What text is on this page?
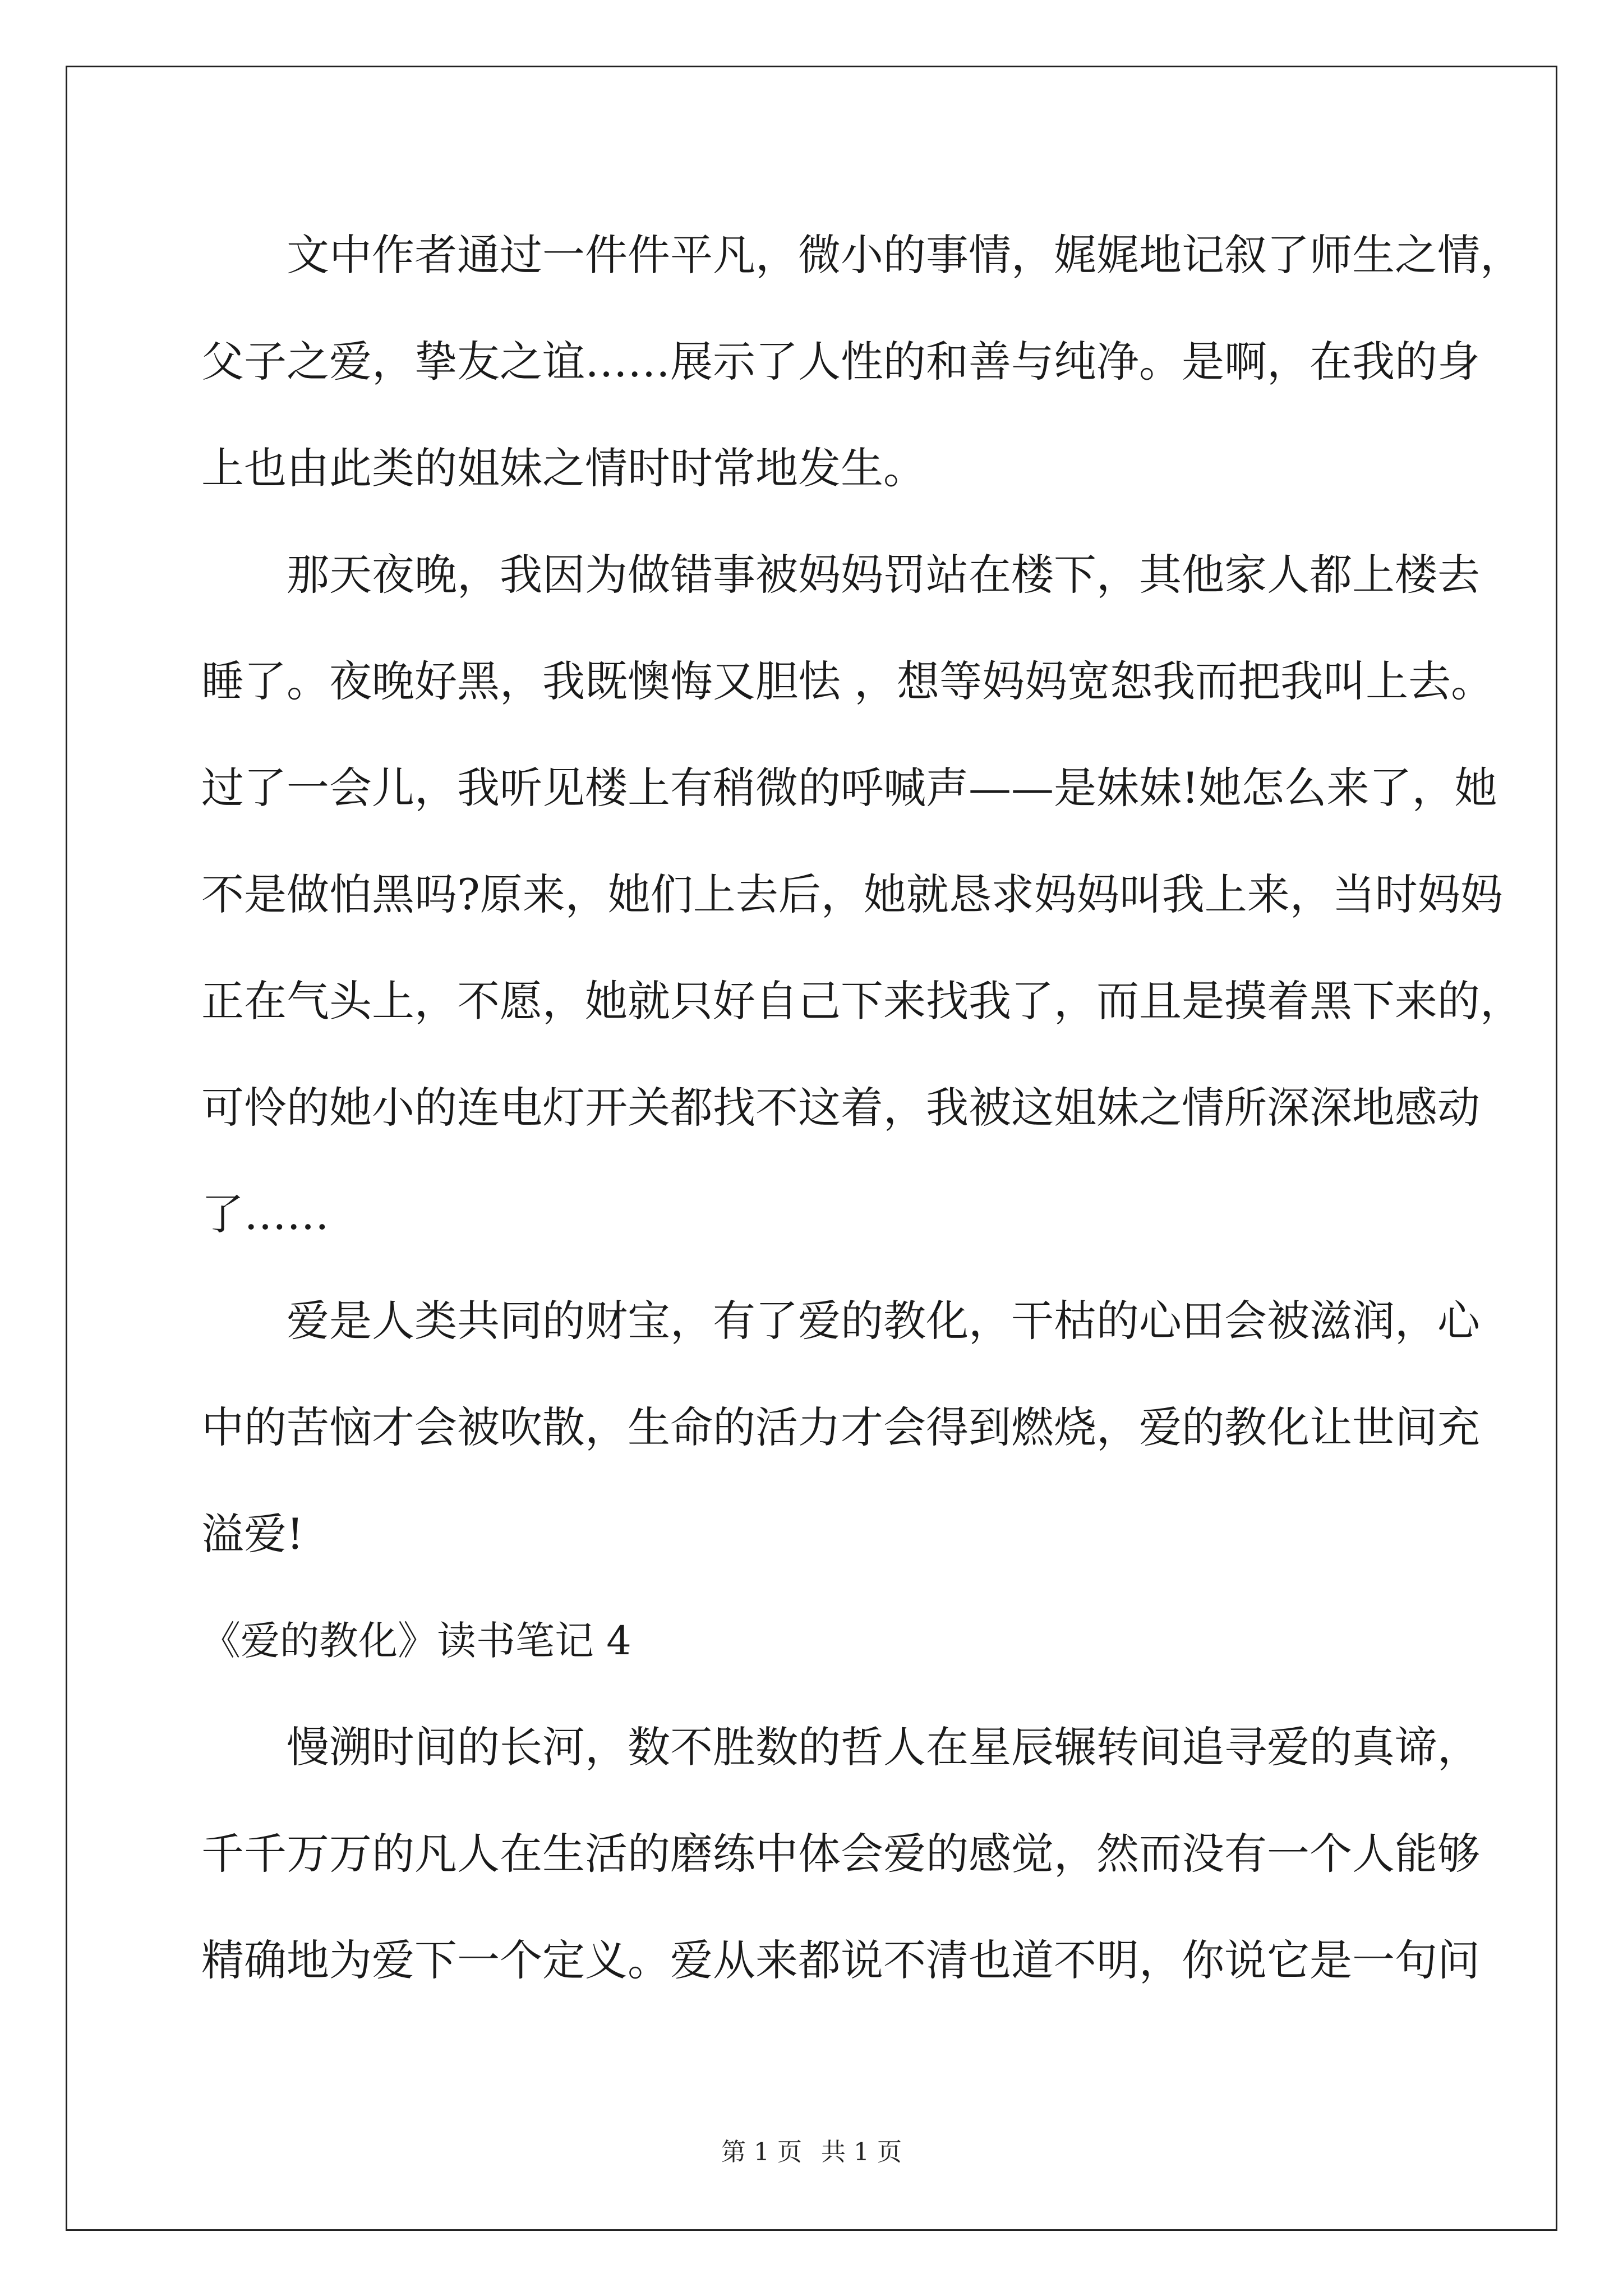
文中作者通过一件件平凡，微小的事情，娓娓地记叙了师生之情，
父子之爱，挚友之谊……展示了人性的和善与纯净。是啊，在我的身
上也由此类的姐妹之情时时常地发生。
那天夜晚，我因为做错事被妈妈罚站在楼下，其他家人都上楼去
睡了。夜晚好黑，我既懊悔又胆怯 ，想等妈妈宽恕我而把我叫上去。
过了一会儿，我听见楼上有稍微的呼喊声——是妹妹!她怎么来了，她
不是做怕黑吗?原来，她们上去后，她就恳求妈妈叫我上来，当时妈妈
正在气头上，不愿，她就只好自己下来找我了，而且是摸着黑下来的，
可怜的她小的连电灯开关都找不这着，我被这姐妹之情所深深地感动
了……
爱是人类共同的财宝，有了爱的教化，干枯的心田会被滋润，心
中的苦恼才会被吹散，生命的活力才会得到燃烧，爱的教化让世间充
溢爱!
《爱的教化》读书笔记 4
慢溯时间的长河，数不胜数的哲人在星辰辗转间追寻爱的真谛，
千千万万的凡人在生活的磨练中体会爱的感觉，然而没有一个人能够
精确地为爱下一个定义。爱从来都说不清也道不明，你说它是一句问
第 1 页 共 1 页
